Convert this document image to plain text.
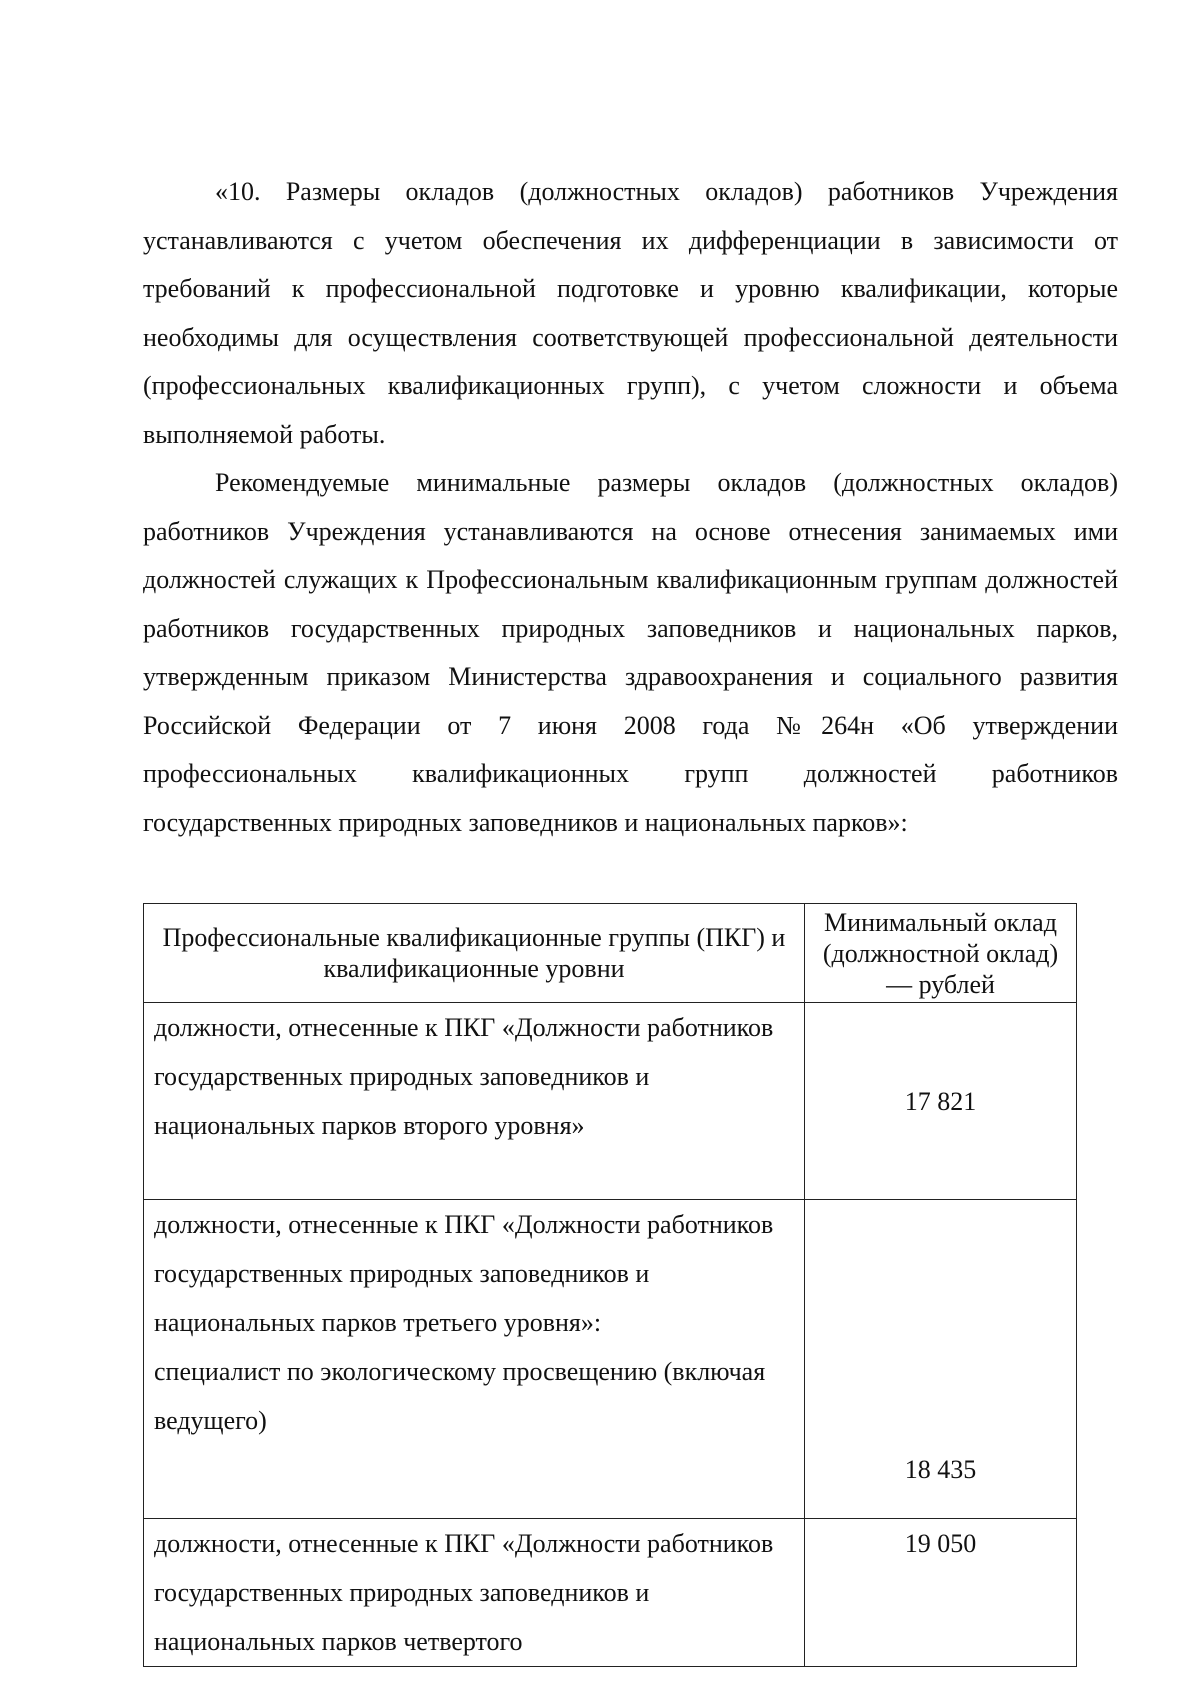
«10. Размеры окладов (должностных окладов) работников Учреждения устанавливаются с учетом обеспечения их дифференциации в зависимости от требований к профессиональной подготовке и уровню квалификации, которые необходимы для осуществления соответствующей профессиональной деятельности (профессиональных квалификационных групп), с учетом сложности и объема выполняемой работы.

Рекомендуемые минимальные размеры окладов (должностных окладов) работников Учреждения устанавливаются на основе отнесения занимаемых ими должностей служащих к Профессиональным квалификационным группам должностей работников государственных природных заповедников и национальных парков, утвержденным приказом Министерства здравоохранения и социального развития Российской Федерации от 7 июня 2008 года №264н «Об утверждении профессиональных квалификационных групп должностей работников государственных природных заповедников и национальных парков»:

Профессиональные квалификационные группы (ПКГ) и квалификационные уровни	Минимальный оклад (должностной оклад) — рублей

должности, отнесенные к ПКГ «Должности работников государственных природных заповедников и национальных парков второго уровня»	17 821

должности, отнесенные к ПКГ «Должности работников государственных природных заповедников и национальных парков третьего уровня»:
специалист по экологическому просвещению (включая ведущего)	18 435
должности, отнесенные к ПКГ «Должности работников государственных природных заповедников и национальных парков четвертого	19 050
